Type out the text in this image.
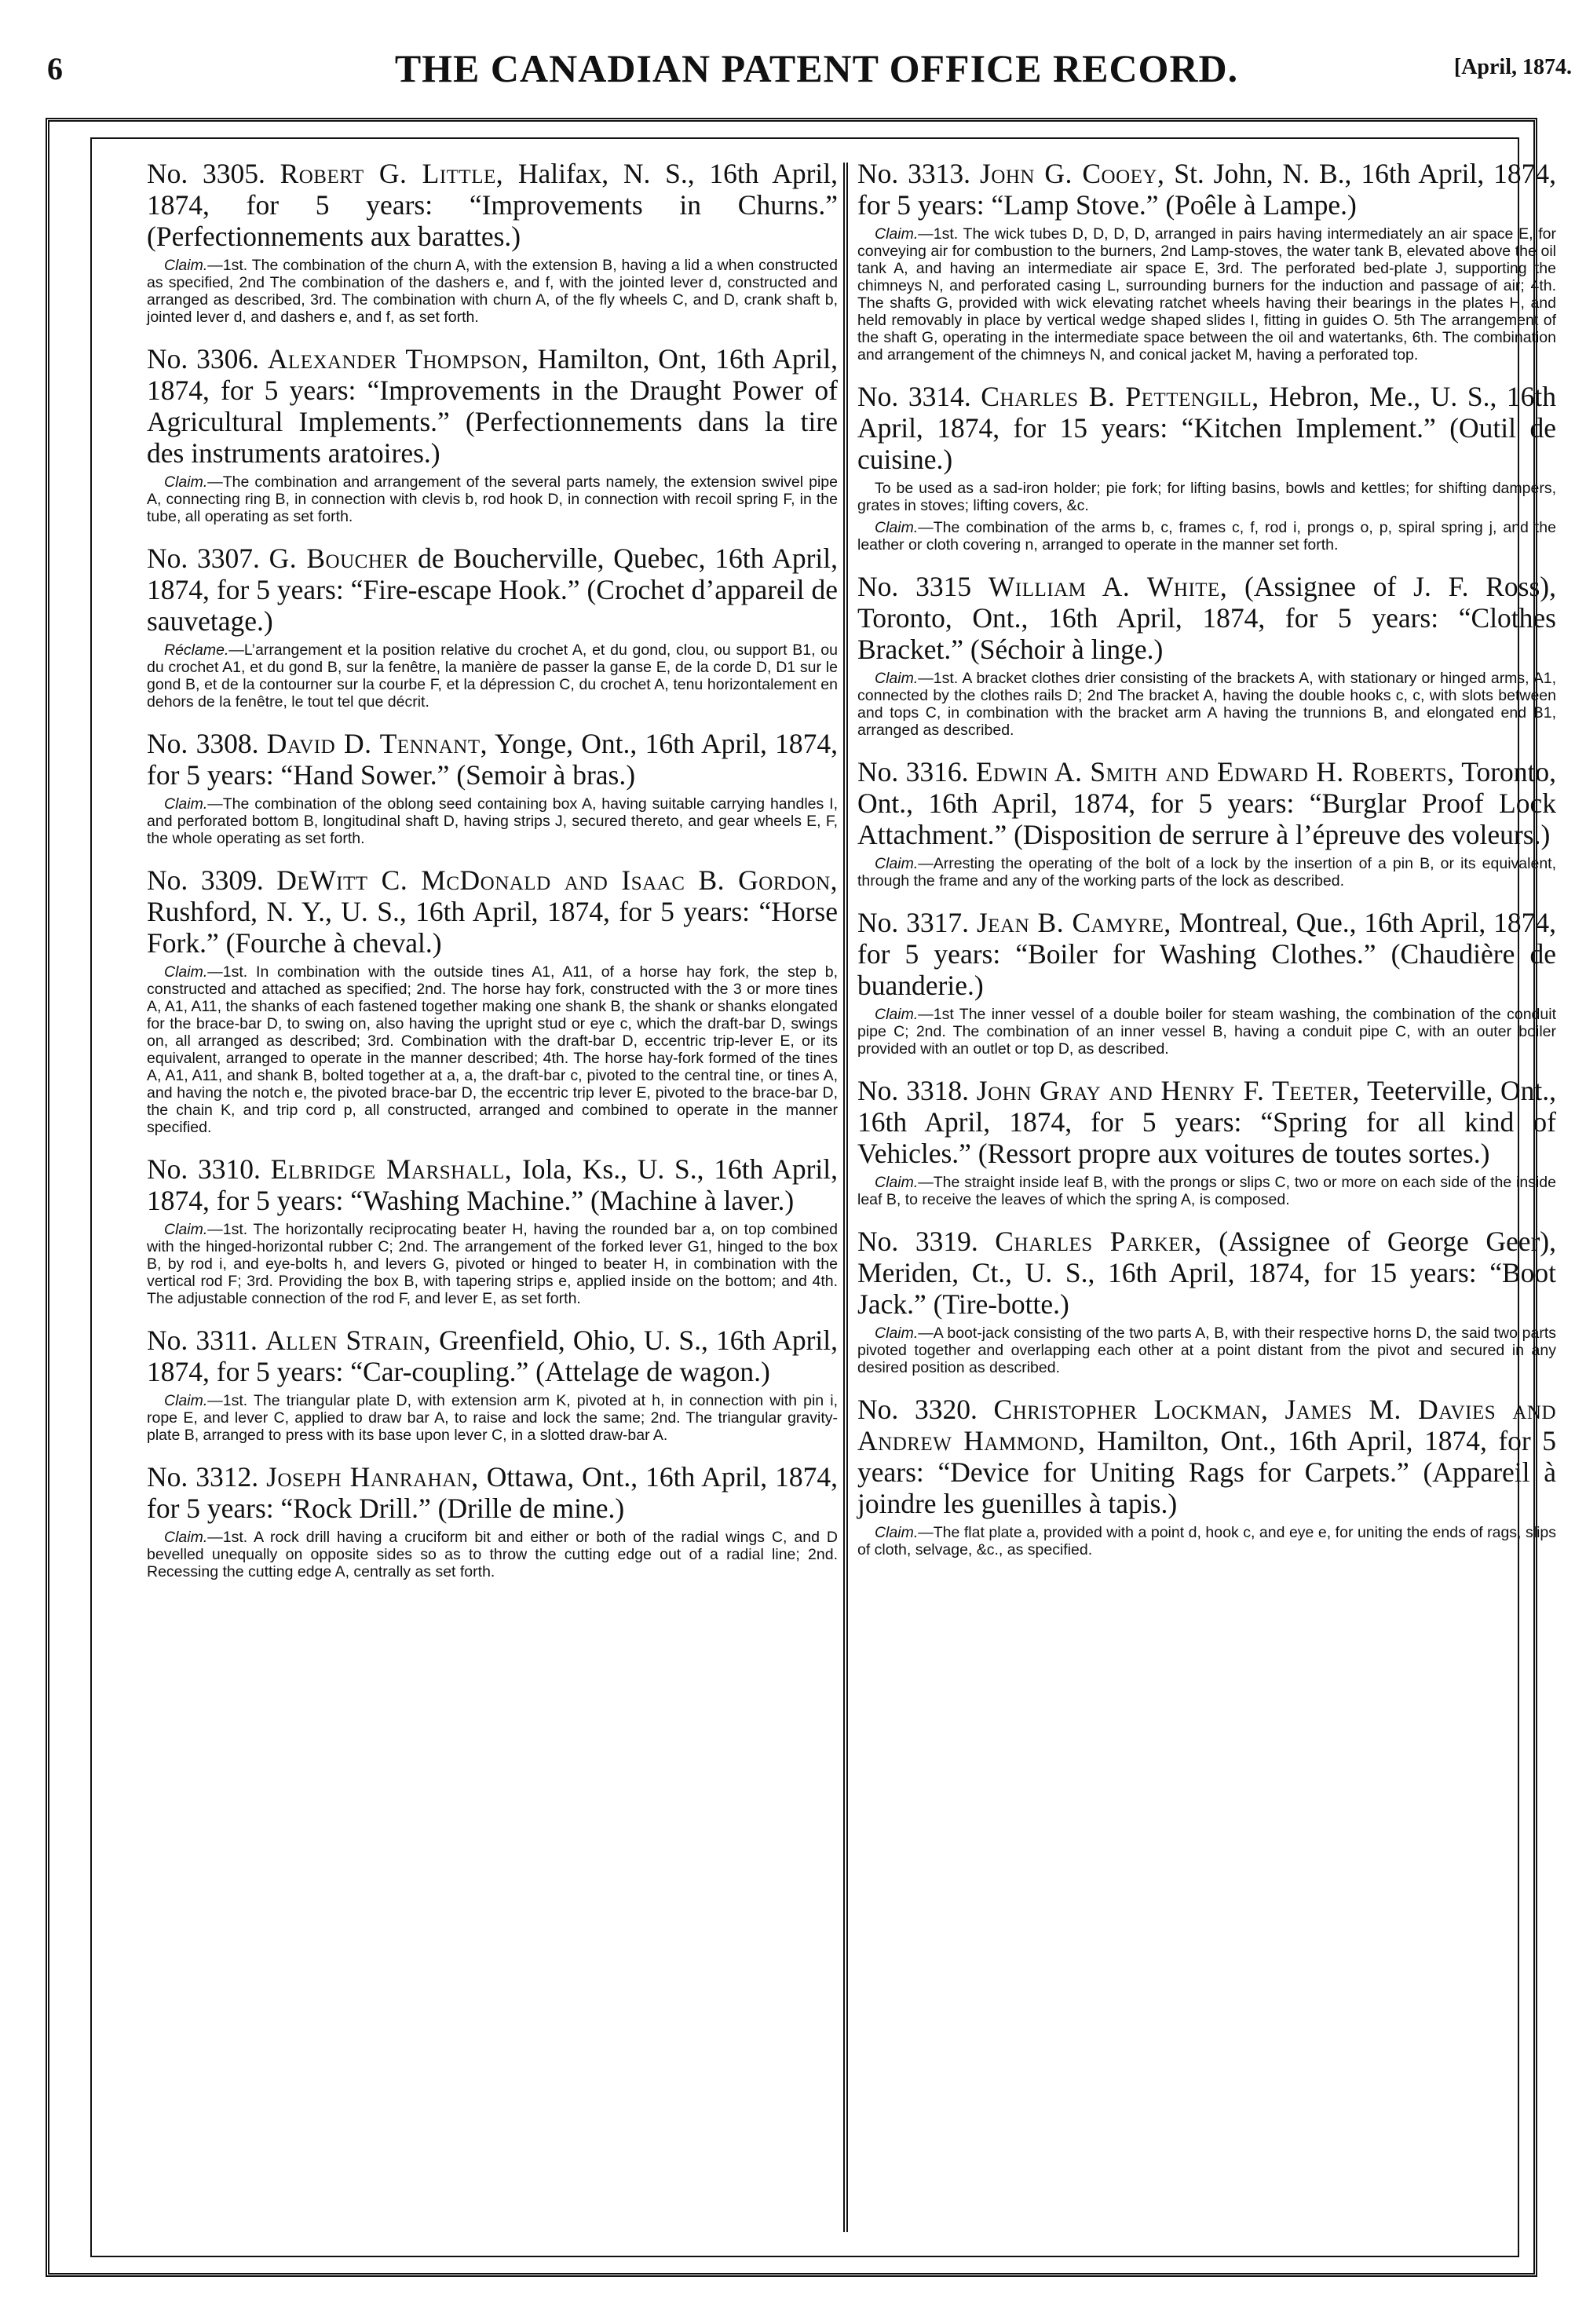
6	THE CANADIAN PATENT OFFICE RECORD.	[April, 1874.

No. 3305. Robert G. Little, Halifax, N. S., 16th April, 1874, for 5 years: “Improvements in Churns.” (Perfectionnements aux barattes.)

Claim.—1st. The combination of the churn A, with the extension B, having a lid a when constructed as specified, 2nd The combination of the dashers e, and f, with the jointed lever d, constructed and arranged as described, 3rd. The combination with churn A, of the fly wheels C, and D, crank shaft b, jointed lever d, and dashers e, and f, as set forth.

No. 3306. Alexander Thompson, Hamilton, Ont, 16th April, 1874, for 5 years: “Improvements in the Draught Power of Agricultural Implements.” (Perfectionnements dans la tire des instruments aratoires.)

Claim.—The combination and arrangement of the several parts namely, the extension swivel pipe A, connecting ring B, in connection with clevis b, rod hook D, in connection with recoil spring F, in the tube, all operating as set forth.

No. 3307. G. Boucher de Boucherville, Quebec, 16th April, 1874, for 5 years: “Fire-escape Hook.” (Crochet d’appareil de sauvetage.)

Réclame.—L’arrangement et la position relative du crochet A, et du gond, clou, ou support B1, ou du crochet A1, et du gond B, sur la fenêtre, la manière de passer la ganse E, de la corde D, D1 sur le gond B, et de la contourner sur la courbe F, et la dépression C, du crochet A, tenu horizontalement en dehors de la fenêtre, le tout tel que décrit.

No. 3308. David D. Tennant, Yonge, Ont., 16th April, 1874, for 5 years: “Hand Sower.” (Semoir à bras.)

Claim.—The combination of the oblong seed containing box A, having suitable carrying handles I, and perforated bottom B, longitudinal shaft D, having strips J, secured thereto, and gear wheels E, F, the whole operating as set forth.

No. 3309. DeWitt C. McDonald and Isaac B. Gordon, Rushford, N. Y., U. S., 16th April, 1874, for 5 years: “Horse Fork.” (Fourche à cheval.)

Claim.—1st. In combination with the outside tines A1, A11, of a horse hay fork, the step b, constructed and attached as specified; 2nd. The horse hay fork, constructed with the 3 or more tines A, A1, A11, the shanks of each fastened together making one shank B, the shank or shanks elongated for the brace-bar D, to swing on, also having the upright stud or eye c, which the draft-bar D, swings on, all arranged as described; 3rd. Combination with the draft-bar D, eccentric trip-lever E, or its equivalent, arranged to operate in the manner described; 4th. The horse hay-fork formed of the tines A, A1, A11, and shank B, bolted together at a, a, the draft-bar c, pivoted to the central tine, or tines A, and having the notch e, the pivoted brace-bar D, the eccentric trip lever E, pivoted to the brace-bar D, the chain K, and trip cord p, all constructed, arranged and combined to operate in the manner specified.

No. 3310. Elbridge Marshall, Iola, Ks., U. S., 16th April, 1874, for 5 years: “Washing Machine.” (Machine à laver.)

Claim.—1st. The horizontally reciprocating beater H, having the rounded bar a, on top combined with the hinged-horizontal rubber C; 2nd. The arrangement of the forked lever G1, hinged to the box B, by rod i, and eye-bolts h, and levers G, pivoted or hinged to beater H, in combination with the vertical rod F; 3rd. Providing the box B, with tapering strips e, applied inside on the bottom; and 4th. The adjustable connection of the rod F, and lever E, as set forth.

No. 3311. Allen Strain, Greenfield, Ohio, U. S., 16th April, 1874, for 5 years: “Car-coupling.” (Attelage de wagon.)

Claim.—1st. The triangular plate D, with extension arm K, pivoted at h, in connection with pin i, rope E, and lever C, applied to draw bar A, to raise and lock the same; 2nd. The triangular gravity-plate B, arranged to press with its base upon lever C, in a slotted draw-bar A.

No. 3312. Joseph Hanrahan, Ottawa, Ont., 16th April, 1874, for 5 years: “Rock Drill.” (Drille de mine.)

Claim.—1st. A rock drill having a cruciform bit and either or both of the radial wings C, and D bevelled unequally on opposite sides so as to throw the cutting edge out of a radial line; 2nd. Recessing the cutting edge A, centrally as set forth.

No. 3313. John G. Cooey, St. John, N. B., 16th April, 1874, for 5 years: “Lamp Stove.” (Poêle à Lampe.)

Claim.—1st. The wick tubes D, D, D, D, arranged in pairs having intermediately an air space E, for conveying air for combustion to the burners, 2nd Lamp-stoves, the water tank B, elevated above the oil tank A, and having an intermediate air space E, 3rd. The perforated bed-plate J, supporting the chimneys N, and perforated casing L, surrounding burners for the induction and passage of air; 4th. The shafts G, provided with wick elevating ratchet wheels having their bearings in the plates H, and held removably in place by vertical wedge shaped slides I, fitting in guides O. 5th The arrangement of the shaft G, operating in the intermediate space between the oil and watertanks, 6th. The combination and arrangement of the chimneys N, and conical jacket M, having a perforated top.

No. 3314. Charles B. Pettengill, Hebron, Me., U. S., 16th April, 1874, for 15 years: “Kitchen Implement.” (Outil de cuisine.)

To be used as a sad-iron holder; pie fork; for lifting basins, bowls and kettles; for shifting dampers, grates in stoves; lifting covers, &c.

Claim.—The combination of the arms b, c, frames c, f, rod i, prongs o, p, spiral spring j, and the leather or cloth covering n, arranged to operate in the manner set forth.

No. 3315 William A. White, (Assignee of J. F. Ross), Toronto, Ont., 16th April, 1874, for 5 years: “Clothes Bracket.” (Séchoir à linge.)

Claim.—1st. A bracket clothes drier consisting of the brackets A, with stationary or hinged arms, A1, connected by the clothes rails D; 2nd The bracket A, having the double hooks c, c, with slots between and tops C, in combination with the bracket arm A having the trunnions B, and elongated end B1, arranged as described.

No. 3316. Edwin A. Smith and Edward H. Roberts, Toronto, Ont., 16th April, 1874, for 5 years: “Burglar Proof Lock Attachment.” (Disposition de serrure à l’épreuve des voleurs.)

Claim.—Arresting the operating of the bolt of a lock by the insertion of a pin B, or its equivalent, through the frame and any of the working parts of the lock as described.

No. 3317. Jean B. Camyre, Montreal, Que., 16th April, 1874, for 5 years: “Boiler for Washing Clothes.” (Chaudière de buanderie.)

Claim.—1st The inner vessel of a double boiler for steam washing, the combination of the conduit pipe C; 2nd. The combination of an inner vessel B, having a conduit pipe C, with an outer boiler provided with an outlet or top D, as described.

No. 3318. John Gray and Henry F. Teeter, Teeterville, Ont., 16th April, 1874, for 5 years: “Spring for all kind of Vehicles.” (Ressort propre aux voitures de toutes sortes.)

Claim.—The straight inside leaf B, with the prongs or slips C, two or more on each side of the inside leaf B, to receive the leaves of which the spring A, is composed.

No. 3319. Charles Parker, (Assignee of George Geer), Meriden, Ct., U. S., 16th April, 1874, for 15 years: “Boot Jack.” (Tire-botte.)

Claim.—A boot-jack consisting of the two parts A, B, with their respective horns D, the said two parts pivoted together and overlapping each other at a point distant from the pivot and secured in any desired position as described.

No. 3320. Christopher Lockman, James M. Davies and Andrew Hammond, Hamilton, Ont., 16th April, 1874, for 5 years: “Device for Uniting Rags for Carpets.” (Appareil à joindre les guenilles à tapis.)

Claim.—The flat plate a, provided with a point d, hook c, and eye e, for uniting the ends of rags, slips of cloth, selvage, &c., as specified.
